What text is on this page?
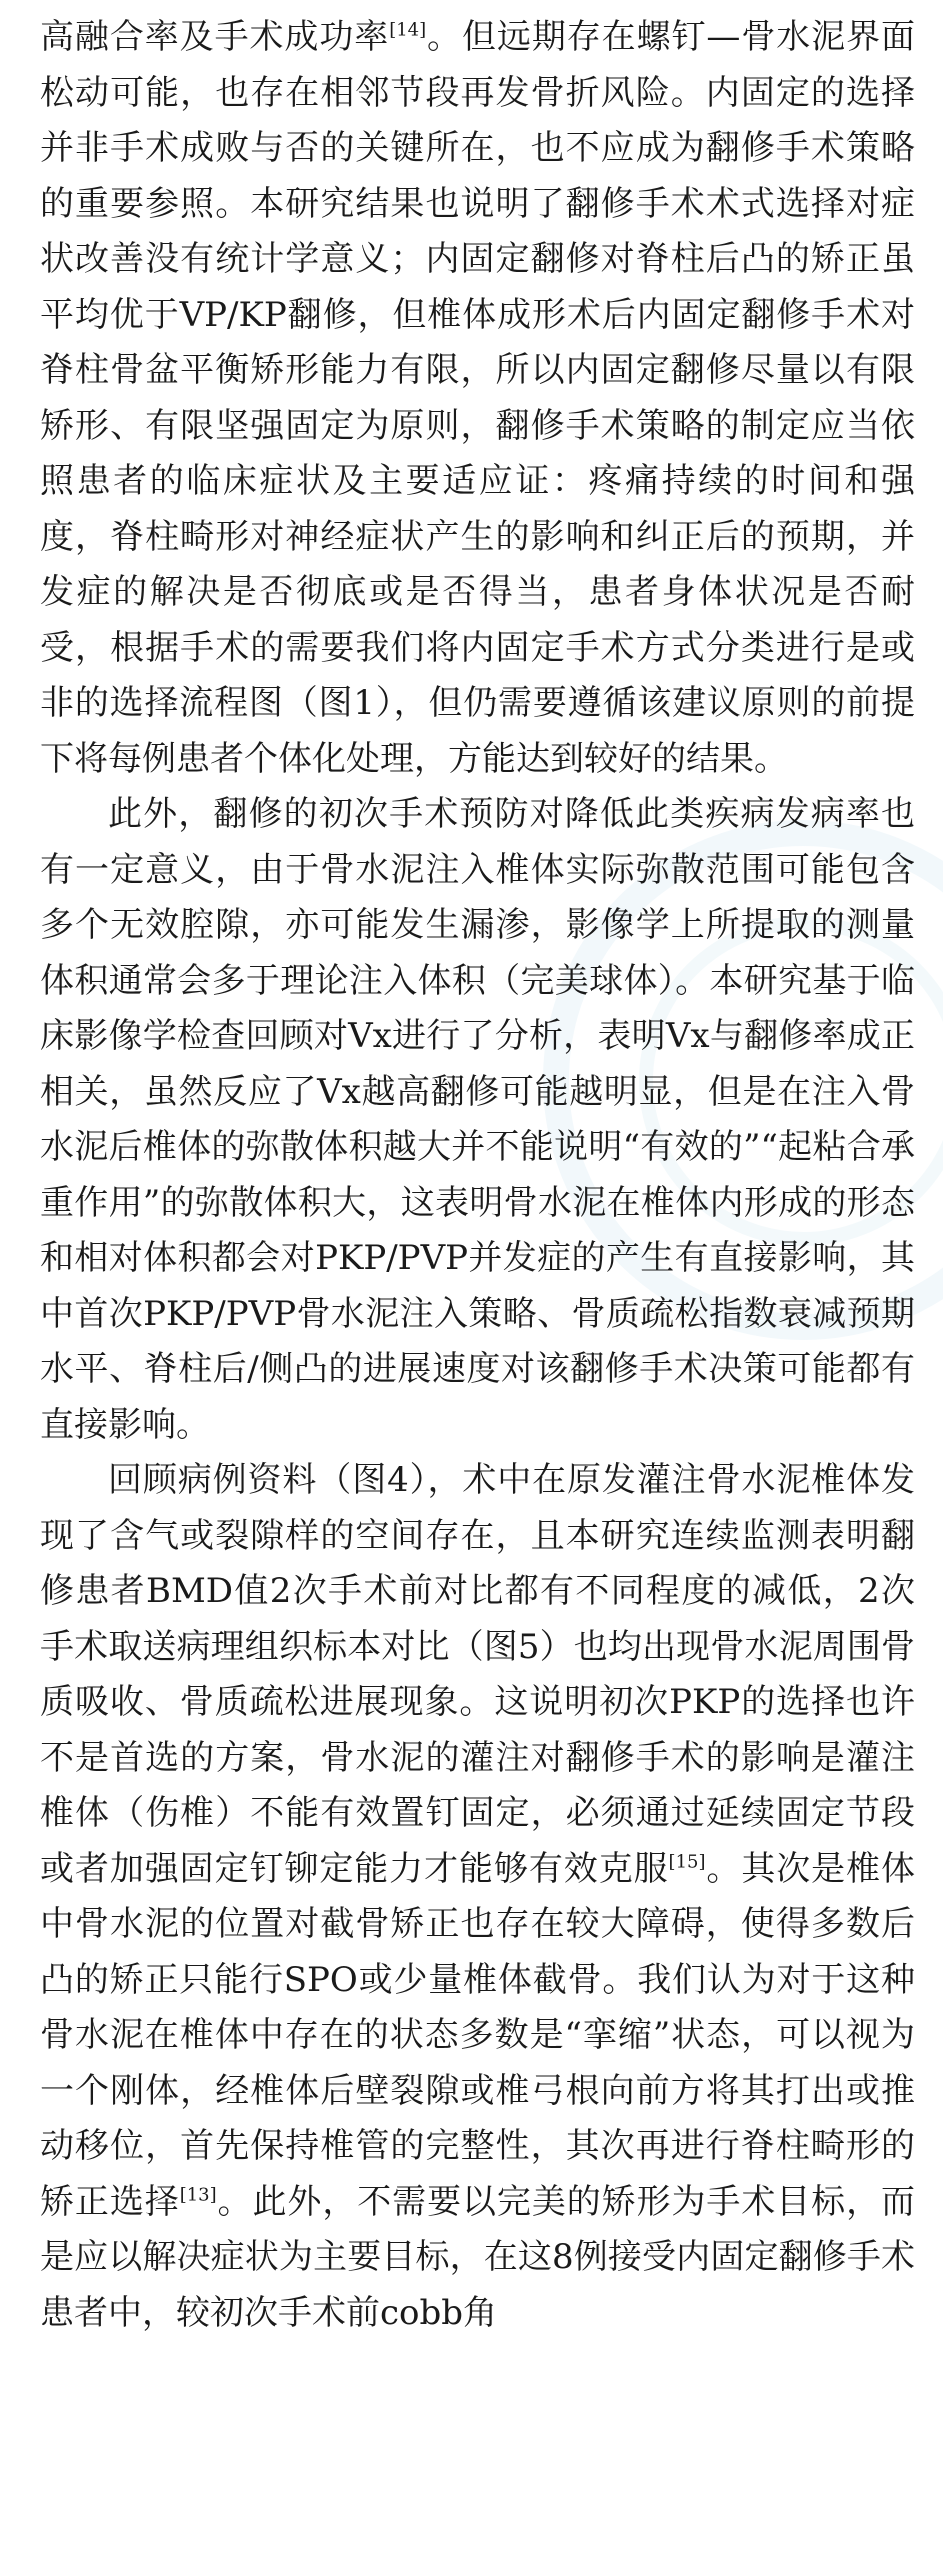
高融合率及手术成功率[14]。但远期存在螺钉—骨水泥界面松动可能，也存在相邻节段再发骨折风险。内固定的选择并非手术成败与否的关键所在，也不应成为翻修手术策略的重要参照。本研究结果也说明了翻修手术术式选择对症状改善没有统计学意义；内固定翻修对脊柱后凸的矫正虽平均优于VP/KP翻修，但椎体成形术后内固定翻修手术对脊柱骨盆平衡矫形能力有限，所以内固定翻修尽量以有限矫形、有限坚强固定为原则，翻修手术策略的制定应当依照患者的临床症状及主要适应证：疼痛持续的时间和强度，脊柱畸形对神经症状产生的影响和纠正后的预期，并发症的解决是否彻底或是否得当，患者身体状况是否耐受，根据手术的需要我们将内固定手术方式分类进行是或非的选择流程图（图1），但仍需要遵循该建议原则的前提下将每例患者个体化处理，方能达到较好的结果。

此外，翻修的初次手术预防对降低此类疾病发病率也有一定意义，由于骨水泥注入椎体实际弥散范围可能包含多个无效腔隙，亦可能发生漏渗，影像学上所提取的测量体积通常会多于理论注入体积（完美球体）。本研究基于临床影像学检查回顾对Vx进行了分析，表明Vx与翻修率成正相关，虽然反应了Vx越高翻修可能越明显，但是在注入骨水泥后椎体的弥散体积越大并不能说明“有效的”“起粘合承重作用”的弥散体积大，这表明骨水泥在椎体内形成的形态和相对体积都会对PKP/PVP并发症的产生有直接影响，其中首次PKP/PVP骨水泥注入策略、骨质疏松指数衰减预期水平、脊柱后/侧凸的进展速度对该翻修手术决策可能都有直接影响。

回顾病例资料（图4），术中在原发灌注骨水泥椎体发现了含气或裂隙样的空间存在，且本研究连续监测表明翻修患者BMD值2次手术前对比都有不同程度的减低，2次手术取送病理组织标本对比（图5）也均出现骨水泥周围骨质吸收、骨质疏松进展现象。这说明初次PKP的选择也许不是首选的方案，骨水泥的灌注对翻修手术的影响是灌注椎体（伤椎）不能有效置钉固定，必须通过延续固定节段或者加强固定钉铆定能力才能够有效克服[15]。其次是椎体中骨水泥的位置对截骨矫正也存在较大障碍，使得多数后凸的矫正只能行SPO或少量椎体截骨。我们认为对于这种骨水泥在椎体中存在的状态多数是“挛缩”状态，可以视为一个刚体，经椎体后壁裂隙或椎弓根向前方将其打出或推动移位，首先保持椎管的完整性，其次再进行脊柱畸形的矫正选择[13]。此外，不需要以完美的矫形为手术目标，而是应以解决症状为主要目标，在这8例接受内固定翻修手术患者中，较初次手术前cobb角
